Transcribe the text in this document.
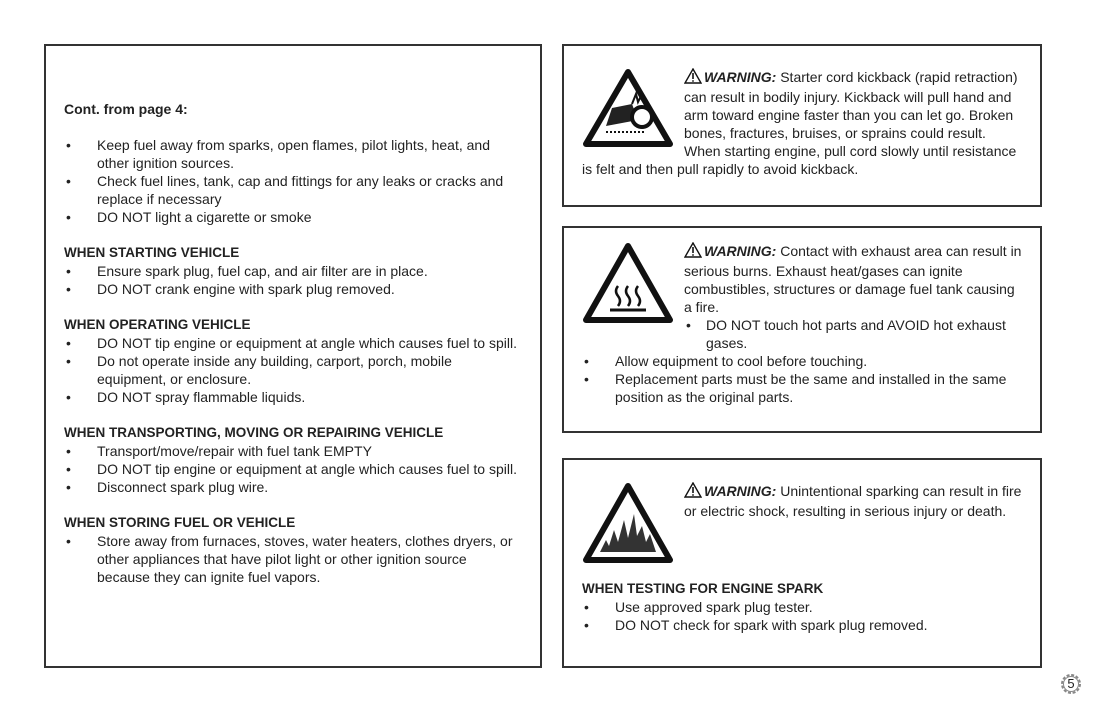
Cont. from page 4:
• Keep fuel away from sparks, open flames, pilot lights, heat, and other ignition sources.
• Check fuel lines, tank, cap and fittings for any leaks or cracks and replace if necessary
• DO NOT light a cigarette or smoke
WHEN STARTING VEHICLE
• Ensure spark plug, fuel cap, and air filter are in place.
• DO NOT crank engine with spark plug removed.
WHEN OPERATING VEHICLE
• DO NOT tip engine or equipment at angle which causes fuel to spill.
• Do not operate inside any building, carport, porch, mobile equipment, or enclosure.
• DO NOT spray flammable liquids.
WHEN TRANSPORTING, MOVING OR REPAIRING VEHICLE
• Transport/move/repair with fuel tank EMPTY
• DO NOT tip engine or equipment at angle which causes fuel to spill.
• Disconnect spark plug wire.
WHEN STORING FUEL OR VEHICLE
• Store away from furnaces, stoves, water heaters, clothes dryers, or other appliances that have pilot light or other ignition source because they can ignite fuel vapors.
WARNING: Starter cord kickback (rapid retraction) can result in bodily injury. Kickback will pull hand and arm toward engine faster than you can let go. Broken bones, fractures, bruises, or sprains could result. When starting engine, pull cord slowly until resistance is felt and then pull rapidly to avoid kickback.
WARNING: Contact with exhaust area can result in serious burns. Exhaust heat/gases can ignite combustibles, structures or damage fuel tank causing a fire.
• DO NOT touch hot parts and AVOID hot exhaust gases.
• Allow equipment to cool before touching.
• Replacement parts must be the same and installed in the same position as the original parts.
WARNING: Unintentional sparking can result in fire or electric shock, resulting in serious injury or death.
WHEN TESTING FOR ENGINE SPARK
• Use approved spark plug tester.
• DO NOT check for spark with spark plug removed.
5
